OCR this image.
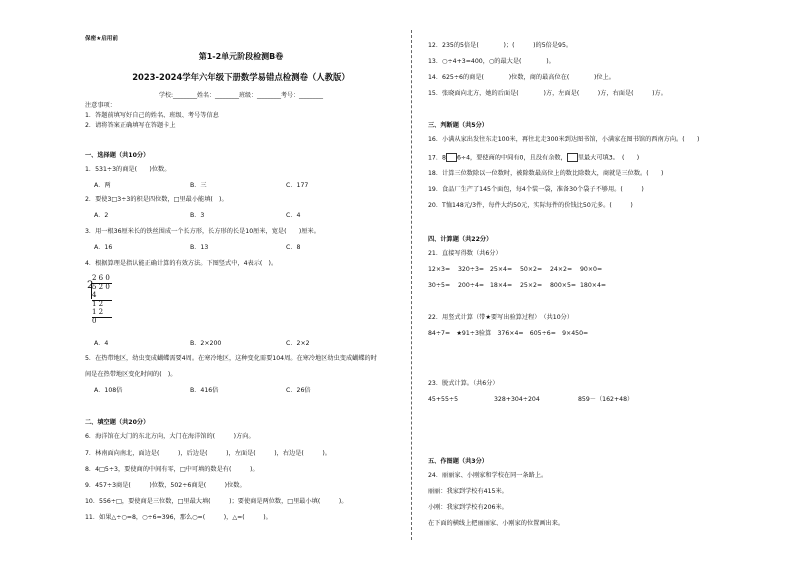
保密★启用前
第1-2单元阶段检测B卷
2023-2024学年六年级下册数学易错点检测卷（人教版）
学校:________姓名：________班级：________考号：________
注意事项：
1．答题前填写好自己的姓名、班级、考号等信息
2．请将答案正确填写在答题卡上
一、选择题（共10分）
1．531÷3的商是(　　)位数。
A．两	B．三	C．177
2．要使3□3÷3的积是四位数，□里最小能填(　)。
A．2	B．3	C．4
3．用一根36厘米长的铁丝围成一个长方形，长方形的长是10厘米，宽是(　　)厘米。
A．16	B．13	C．8
4．根据算理是指认能正确计算的有效方法。下图竖式中，4表示(　)。
2 6 0
2
5 2 0
4
1 2
1 2
0
A．4	B．2×200	C．2×2
5．在热带地区，幼虫变成蝴蝶需要4周。在寒冷地区，这种变化需要104周。在寒冷地区幼虫变成蝴蝶的时
间是在热带地区变化时间的(　)。
A．108倍	B．416倍	C．26倍
二、填空题（共20分）
6．海洋馆在大门的东北方向，大门在海洋馆的(　　　)方向。
7．林南面向南北，面边是(　　　)，后边是(　　　)，左面是(　　　)，右边是(　　　)。
8．4□5÷3，要使商的中间有零，□中可填的数是有(　　　)。
9．457÷3商是(　　　)位数，502÷6商是(　　　)位数。
10．556÷□，要使商是三位数，□里最大填(　　　)；要使商是两位数，□里最小填(　　　)。
11．如果△÷○=8，○÷6=396，那么○=(　　　)，△=(　　　)。
12．235的5倍是(　　　　)；(　　　)的5倍是95。
13．○÷4+3=400，○的最大是(　　　　)。
14．625÷6的商是(　　　　)位数，商的最高位在(　　　　)位上。
15．张晓面向北方，她的后面是(　　　　)方，左面是(　　　)方，右面是(　　　)方。
三、判断题（共5分）
16．小满从家出发往东走100米，再往北走300米到达图书馆，小满家在图书馆的西南方向。(　　)
17．8 6÷4，要使商的中间有0，且没有余数， 里最大可填3。　(　　)
18．计算三位数除以一位数时，被除数最高位上的数比除数大，商就是三位数。(　　)
19．食品厂生产了145个面包，每4个装一袋，准备30个袋子不够用。(　　　)
20．T恤148元/3件，每件大约50元，实际每件的价钱比50元多。(　　　)
四、计算题（共22分）
21．直接写得数（共6分）
12×3=	320÷3= 25×4=	50×2=	24×2=	90×0=
30÷5=	200÷4= 18×4=	25×2=	800×5= 180×4=
22．用竖式计算（带★要写出验算过程）　（共10分）
84÷7=　★91÷3验算　376×4=　605÷6=　9×450=
23．脱式计算。（共6分）
45+55÷5	328+304÷204	859－（162+48）
五、作图题（共3分）
24．丽丽家、小刚家和学校在同一条路上。
丽丽：我家到学校有415米。
小刚：我家到学校有206米。
在下面的横线上把丽丽家、小刚家的位置画出来。
